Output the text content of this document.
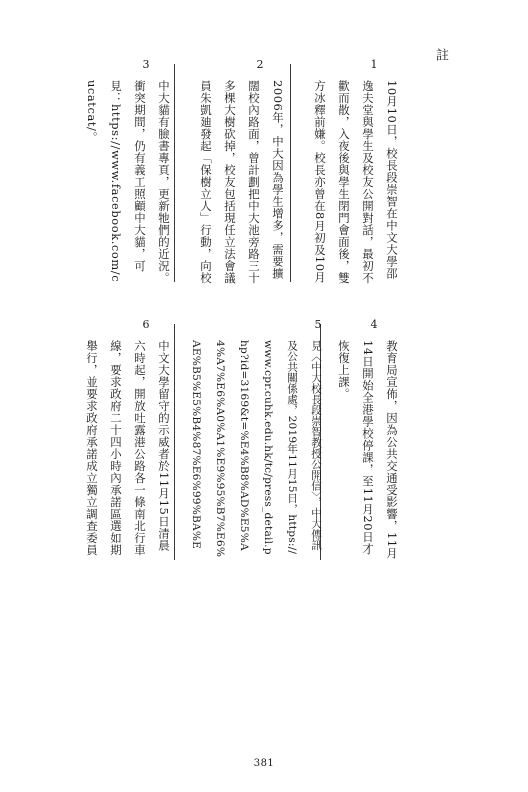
註
1
10月10日，校長段崇智在中文大學邵逸夫堂與學生及校友公開對話，最初不歡而散，入夜後與學生閉門會面後，雙方冰釋前嫌。校長亦曾在8月初及10月
2
2006年，中大因為學生增多，需要擴闊校內路面，曾計劃把中大池旁路三十多棵大樹砍掉，校友包括現任立法會議員朱凱廸發起「保樹立人」行動，向校
3
中大貓有臉書專頁，更新牠們的近況。衝突期間，仍有義工照顧中大貓，可見：https://www.facebook.com/cucatcat/。
4
教育局宣佈，因為公共交通受影響，11月14日開始全港學校停課，至11月20日才恢復上課。
5
見〈中大校長段崇智教授公開信〉，中大傳訊及公共關係處，2019年11月15日，https://www.cpr.cuhk.edu.hk/tc/press_detail.php?id=3169&t=%E4%B8%AD%E5%A4%A7%E6%A0%A1%E9%95%B7%E6%AE%B5%E5%B4%87%E6%99%BA%E
6
中文大學留守的示威者於11月15日清晨六時起，開放吐露港公路各一條南北行車線，要求政府二十四小時內承諾區選如期舉行，並要求政府承諾成立獨立調查委員
381
